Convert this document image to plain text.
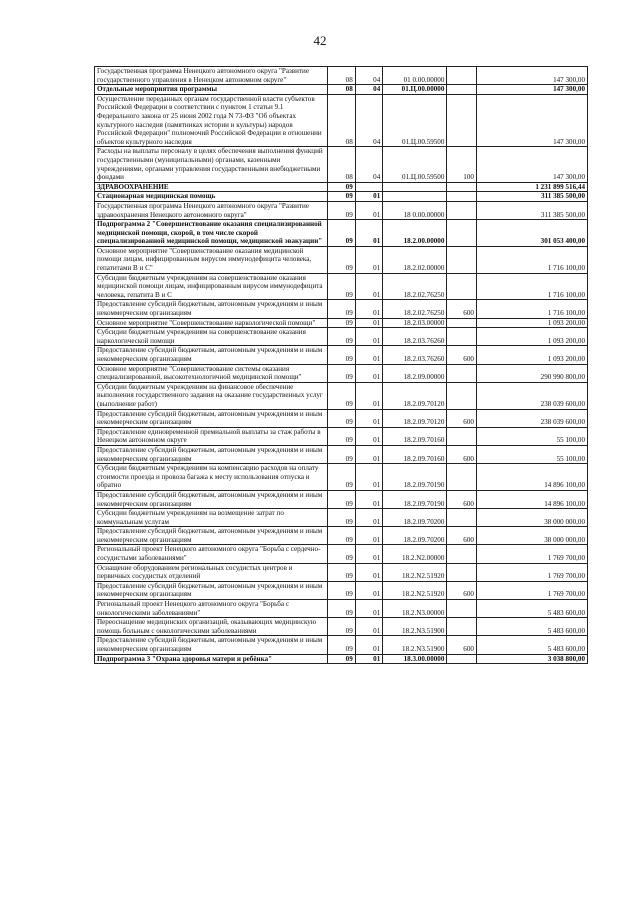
42
Государственная программа Ненецкого автономного округа "Развитие государственного управления в Ненецком автономном округе"	08	04	01 0.00.00000		147 300,00
Отдельные мероприятия программы	08	04	01.Ц.00.00000		147 300,00
Осуществление переданных органам государственной власти субъектов Российской Федерации в соответствии с пунктом 1 статьи 9.1 Федерального закона от 25 июня 2002 года N 73-ФЗ "Об объектах культурного наследия (памятниках истории и культуры) народов Российской Федерации" полномочий Российской Федерации в отношении объектов культурного наследия	08	04	01.Ц.00.59500		147 300,00
Расходы на выплаты персоналу в целях обеспечения выполнения функций государственными (муниципальными) органами, казенными учреждениями, органами управления государственными внебюджетными фондами	08	04	01.Ц.00.59500	100	147 300,00
ЗДРАВООХРАНЕНИЕ	09				1 231 899 516,44
Стационарная медицинская помощь	09	01			311 385 500,00
Государственная программа Ненецкого автономного округа "Развитие здравоохранения Ненецкого автономного округа"	09	01	18 0.00.00000		311 385 500,00
Подпрограмма 2 "Совершенствование оказания специализированной медицинской помощи, скорой, в том числе скорой специализированной медицинской помощи, медицинской эвакуации"	09	01	18.2.00.00000		301 053 400,00
Основное мероприятие "Совершенствование оказания медицинской помощи лицам, инфицированным вирусом иммунодефицита человека, гепатитами В и С"	09	01	18.2.02.00000		1 716 100,00
Субсидии бюджетным учреждениям на совершенствование оказания медицинской помощи лицам, инфицированным вирусом иммунодефицита человека, гепатита В и С	09	01	18.2.02.76250		1 716 100,00
Предоставление субсидий бюджетным, автономным учреждениям и иным некоммерческим организациям	09	01	18.2.02.76250	600	1 716 100,00
Основное мероприятие "Совершенствование наркологической помощи"	09	01	18.2.03.00000		1 093 200,00
Субсидии бюджетным учреждениям на совершенствование оказания наркологической помощи	09	01	18.2.03.76260		1 093 200,00
Предоставление субсидий бюджетным, автономным учреждениям и иным некоммерческим организациям	09	01	18.2.03.76260	600	1 093 200,00
Основное мероприятие "Совершенствование системы оказания специализированной, высокотехнологичной медицинской помощи"	09	01	18.2.09.00000		290 990 800,00
Субсидии бюджетным учреждениям на финансовое обеспечение выполнения государственного задания на оказание государственных услуг (выполнение работ)	09	01	18.2.09.70120		238 039 600,00
Предоставление субсидий бюджетным, автономным учреждениям и иным некоммерческим организациям	09	01	18.2.09.70120	600	238 039 600,00
Предоставление единовременной премиальной выплаты за стаж работы в Ненецком автономном округе	09	01	18.2.09.70160		55 100,00
Предоставление субсидий бюджетным, автономным учреждениям и иным некоммерческим организациям	09	01	18.2.09.70160	600	55 100,00
Субсидии бюджетным учреждениям на компенсацию расходов на оплату стоимости проезда и провоза багажа к месту использования отпуска и обратно	09	01	18.2.09.70190		14 896 100,00
Предоставление субсидий бюджетным, автономным учреждениям и иным некоммерческим организациям	09	01	18.2.09.70190	600	14 896 100,00
Субсидии бюджетным учреждениям на возмещение затрат по коммунальным услугам	09	01	18.2.09.70200		38 000 000,00
Предоставление субсидий бюджетным, автономным учреждениям и иным некоммерческим организациям	09	01	18.2.09.70200	600	38 000 000,00
Региональный проект Ненецкого автономного округа "Борьба с сердечно-сосудистыми заболеваниями"	09	01	18.2.N2.00000		1 769 700,00
Оснащение оборудованием региональных сосудистых центров и первичных сосудистых отделений	09	01	18.2.N2.51920		1 769 700,00
Предоставление субсидий бюджетным, автономным учреждениям и иным некоммерческим организациям	09	01	18.2.N2.51920	600	1 769 700,00
Региональный проект Ненецкого автономного округа "Борьба с онкологическими заболеваниями"	09	01	18.2.N3.00000		5 483 600,00
Переоснащение медицинских организаций, оказывающих медицинскую помощь больным с онкологическими заболеваниями	09	01	18.2.N3.51900		5 483 600,00
Предоставление субсидий бюджетным, автономным учреждениям и иным некоммерческим организациям	09	01	18.2.N3.51900	600	5 483 600,00
Подпрограмма 3 "Охрана здоровья матери и ребёнка"	09	01	18.3.00.00000		3 038 800,00
